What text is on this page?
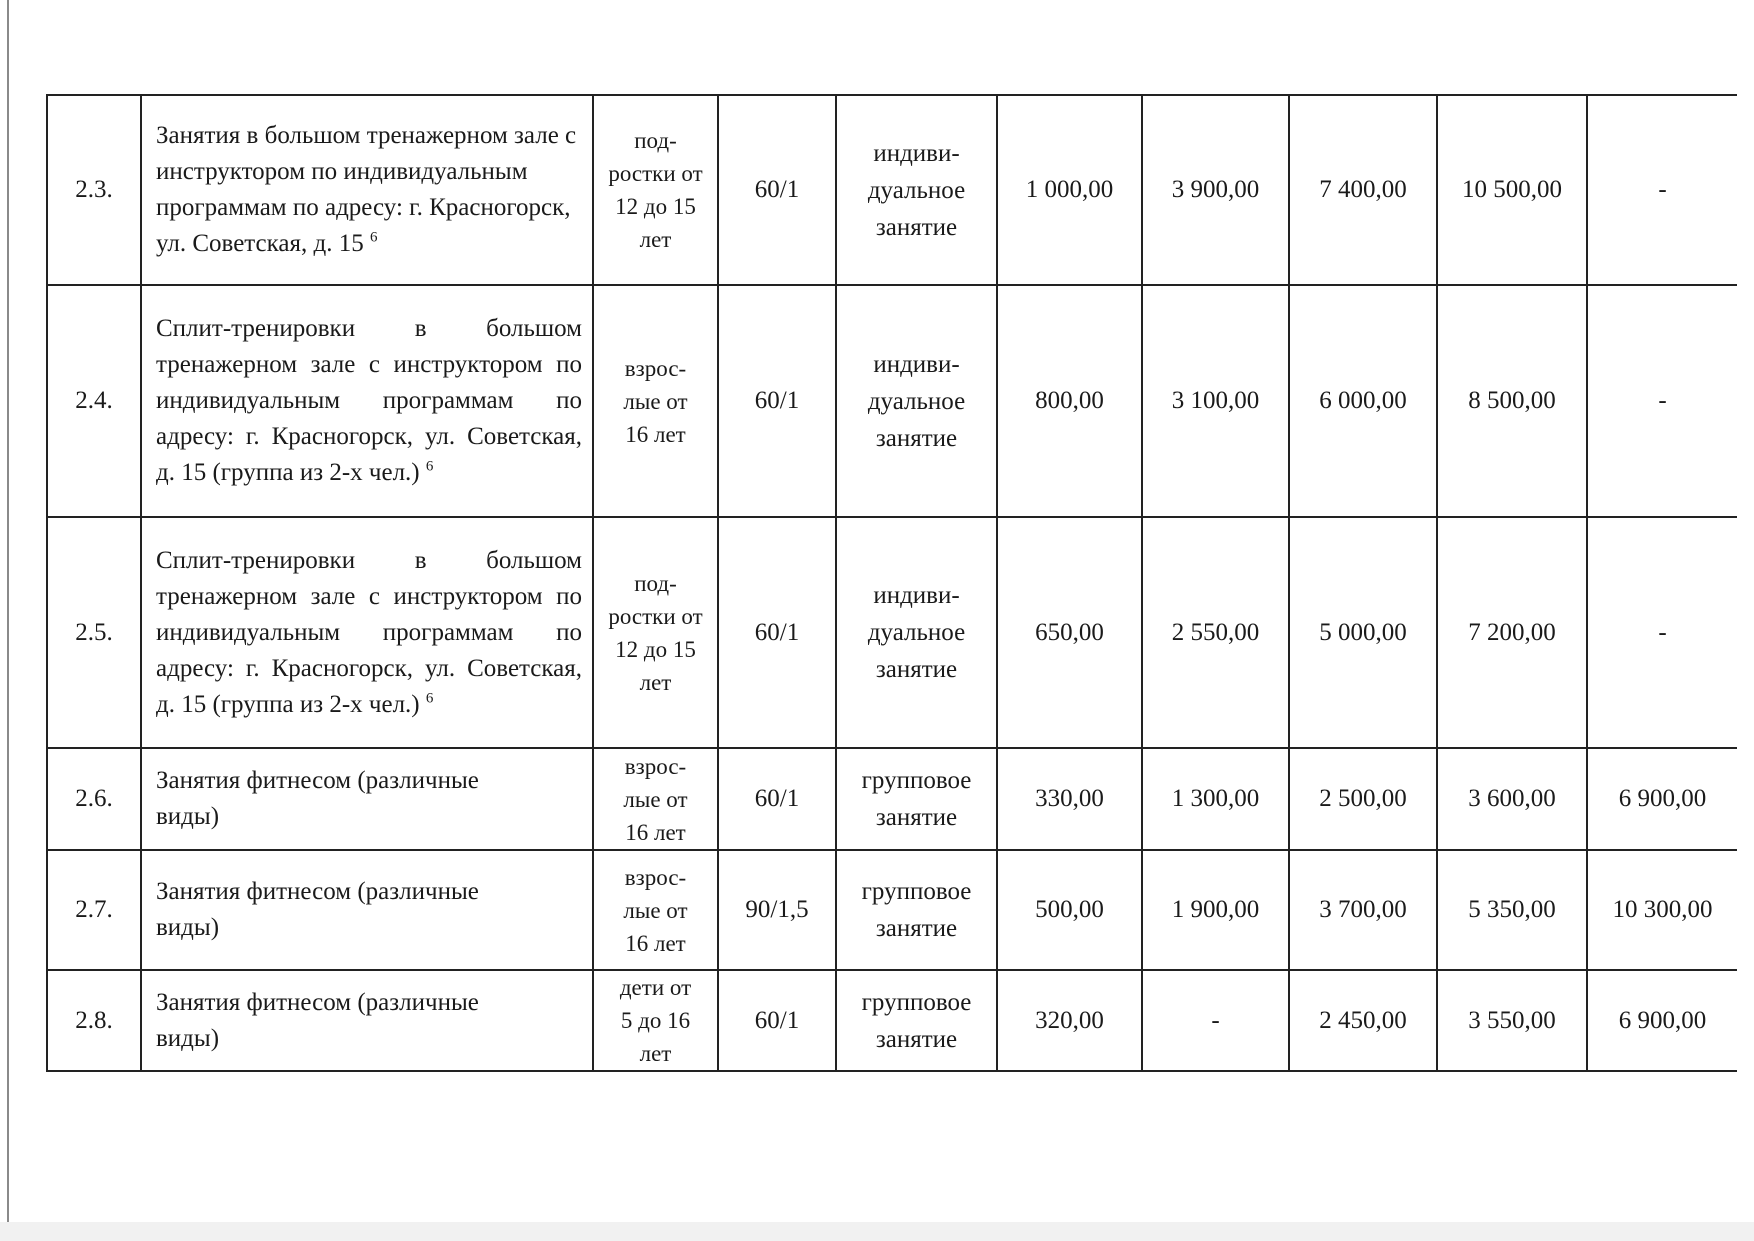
2.3.	Занятия в большом тренажерном зале с инструктором по индивидуальным программам по адресу: г. Красногорск, ул. Советская, д. 15 $^6$	под-ростки от 12 до 15 лет	60/1	индиви-дуальное занятие	1 000,00	3 900,00	7 400,00	10 500,00	-
2.4.	Сплит-тренировки в большом тренажерном зале с инструктором по индивидуальным программам по адресу: г. Красногорск, ул. Советская, д. 15 (группа из 2-х чел.) $^6$	взрос-лые от 16 лет	60/1	индиви-дуальное занятие	800,00	3 100,00	6 000,00	8 500,00	-
2.5.	Сплит-тренировки в большом тренажерном зале с инструктором по индивидуальным программам по адресу: г. Красногорск, ул. Советская, д. 15 (группа из 2-х чел.) $^6$	под-ростки от 12 до 15 лет	60/1	индиви-дуальное занятие	650,00	2 550,00	5 000,00	7 200,00	-
2.6.	Занятия фитнесом (различные виды)	взрос-лые от 16 лет	60/1	групповое занятие	330,00	1 300,00	2 500,00	3 600,00	6 900,00
2.7.	Занятия фитнесом (различные виды)	взрос-лые от 16 лет	90/1,5	групповое занятие	500,00	1 900,00	3 700,00	5 350,00	10 300,00
2.8.	Занятия фитнесом (различные виды)	дети от 5 до 16 лет	60/1	групповое занятие	320,00	-	2 450,00	3 550,00	6 900,00
